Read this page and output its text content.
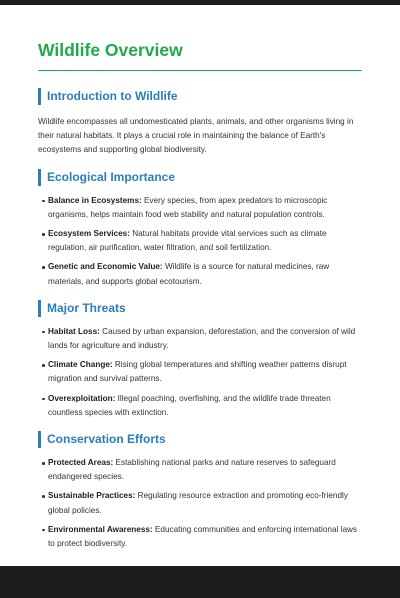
Wildlife Overview
Introduction to Wildlife

Wildlife encompasses all undomesticated plants, animals, and other organisms living in their natural habitats. It plays a crucial role in maintaining the balance of Earth's ecosystems and supporting global biodiversity.

Ecological Importance
Balance in Ecosystems: Every species, from apex predators to microscopic organisms, helps maintain food web stability and natural population controls.
Ecosystem Services: Natural habitats provide vital services such as climate regulation, air purification, water filtration, and soil fertilization.
Genetic and Economic Value: Wildlife is a source for natural medicines, raw materials, and supports global ecotourism.
Major Threats
Habitat Loss: Caused by urban expansion, deforestation, and the conversion of wild lands for agriculture and industry.
Climate Change: Rising global temperatures and shifting weather patterns disrupt migration and survival patterns.
Overexploitation: Illegal poaching, overfishing, and the wildlife trade threaten countless species with extinction.
Conservation Efforts
Protected Areas: Establishing national parks and nature reserves to safeguard endangered species.
Sustainable Practices: Regulating resource extraction and promoting eco-friendly global policies.
Environmental Awareness: Educating communities and enforcing international laws to protect biodiversity.
